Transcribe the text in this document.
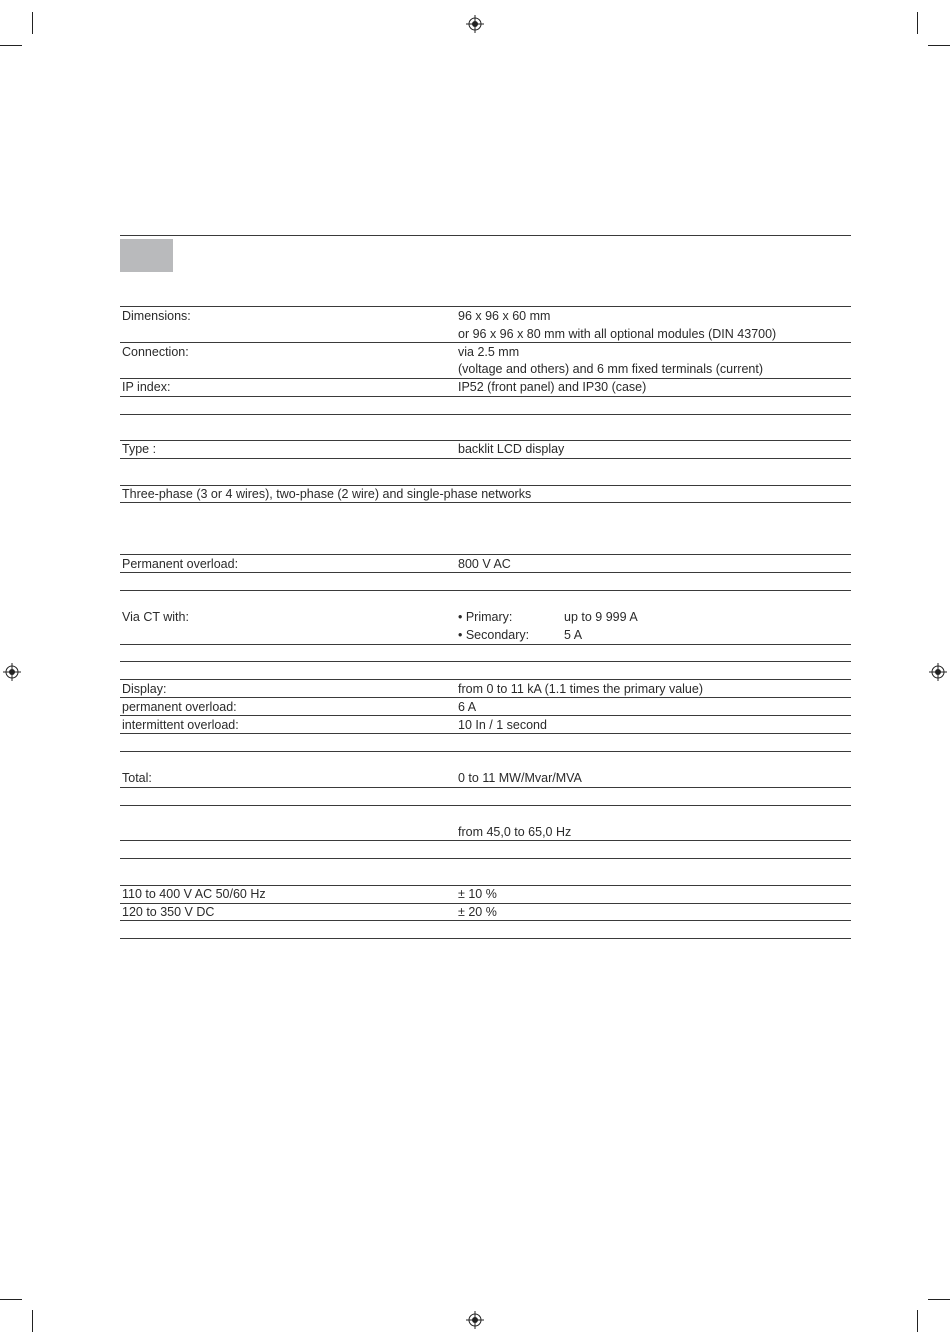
Dimensions:	96 x 96 x 60 mm
or 96 x 96 x 80 mm with all optional modules (DIN 43700)
Connection:	via 2.5 mm
(voltage and others) and 6 mm fixed terminals (current)
IP index:	IP52 (front panel) and IP30 (case)
Type :	backlit LCD display
Three-phase (3 or 4 wires), two-phase (2 wire) and single-phase networks
Permanent overload:	800 V AC
Via CT with:	• Primary:	up to 9 999 A
• Secondary:	5 A
Display:	from 0 to 11 kA (1.1 times the primary value)
permanent overload:	6 A
intermittent overload:	10 In / 1 second
Total:	0 to 11 MW/Mvar/MVA
from 45,0 to 65,0 Hz
110 to 400 V AC 50/60 Hz	± 10 %
120 to 350 V DC	± 20 %
